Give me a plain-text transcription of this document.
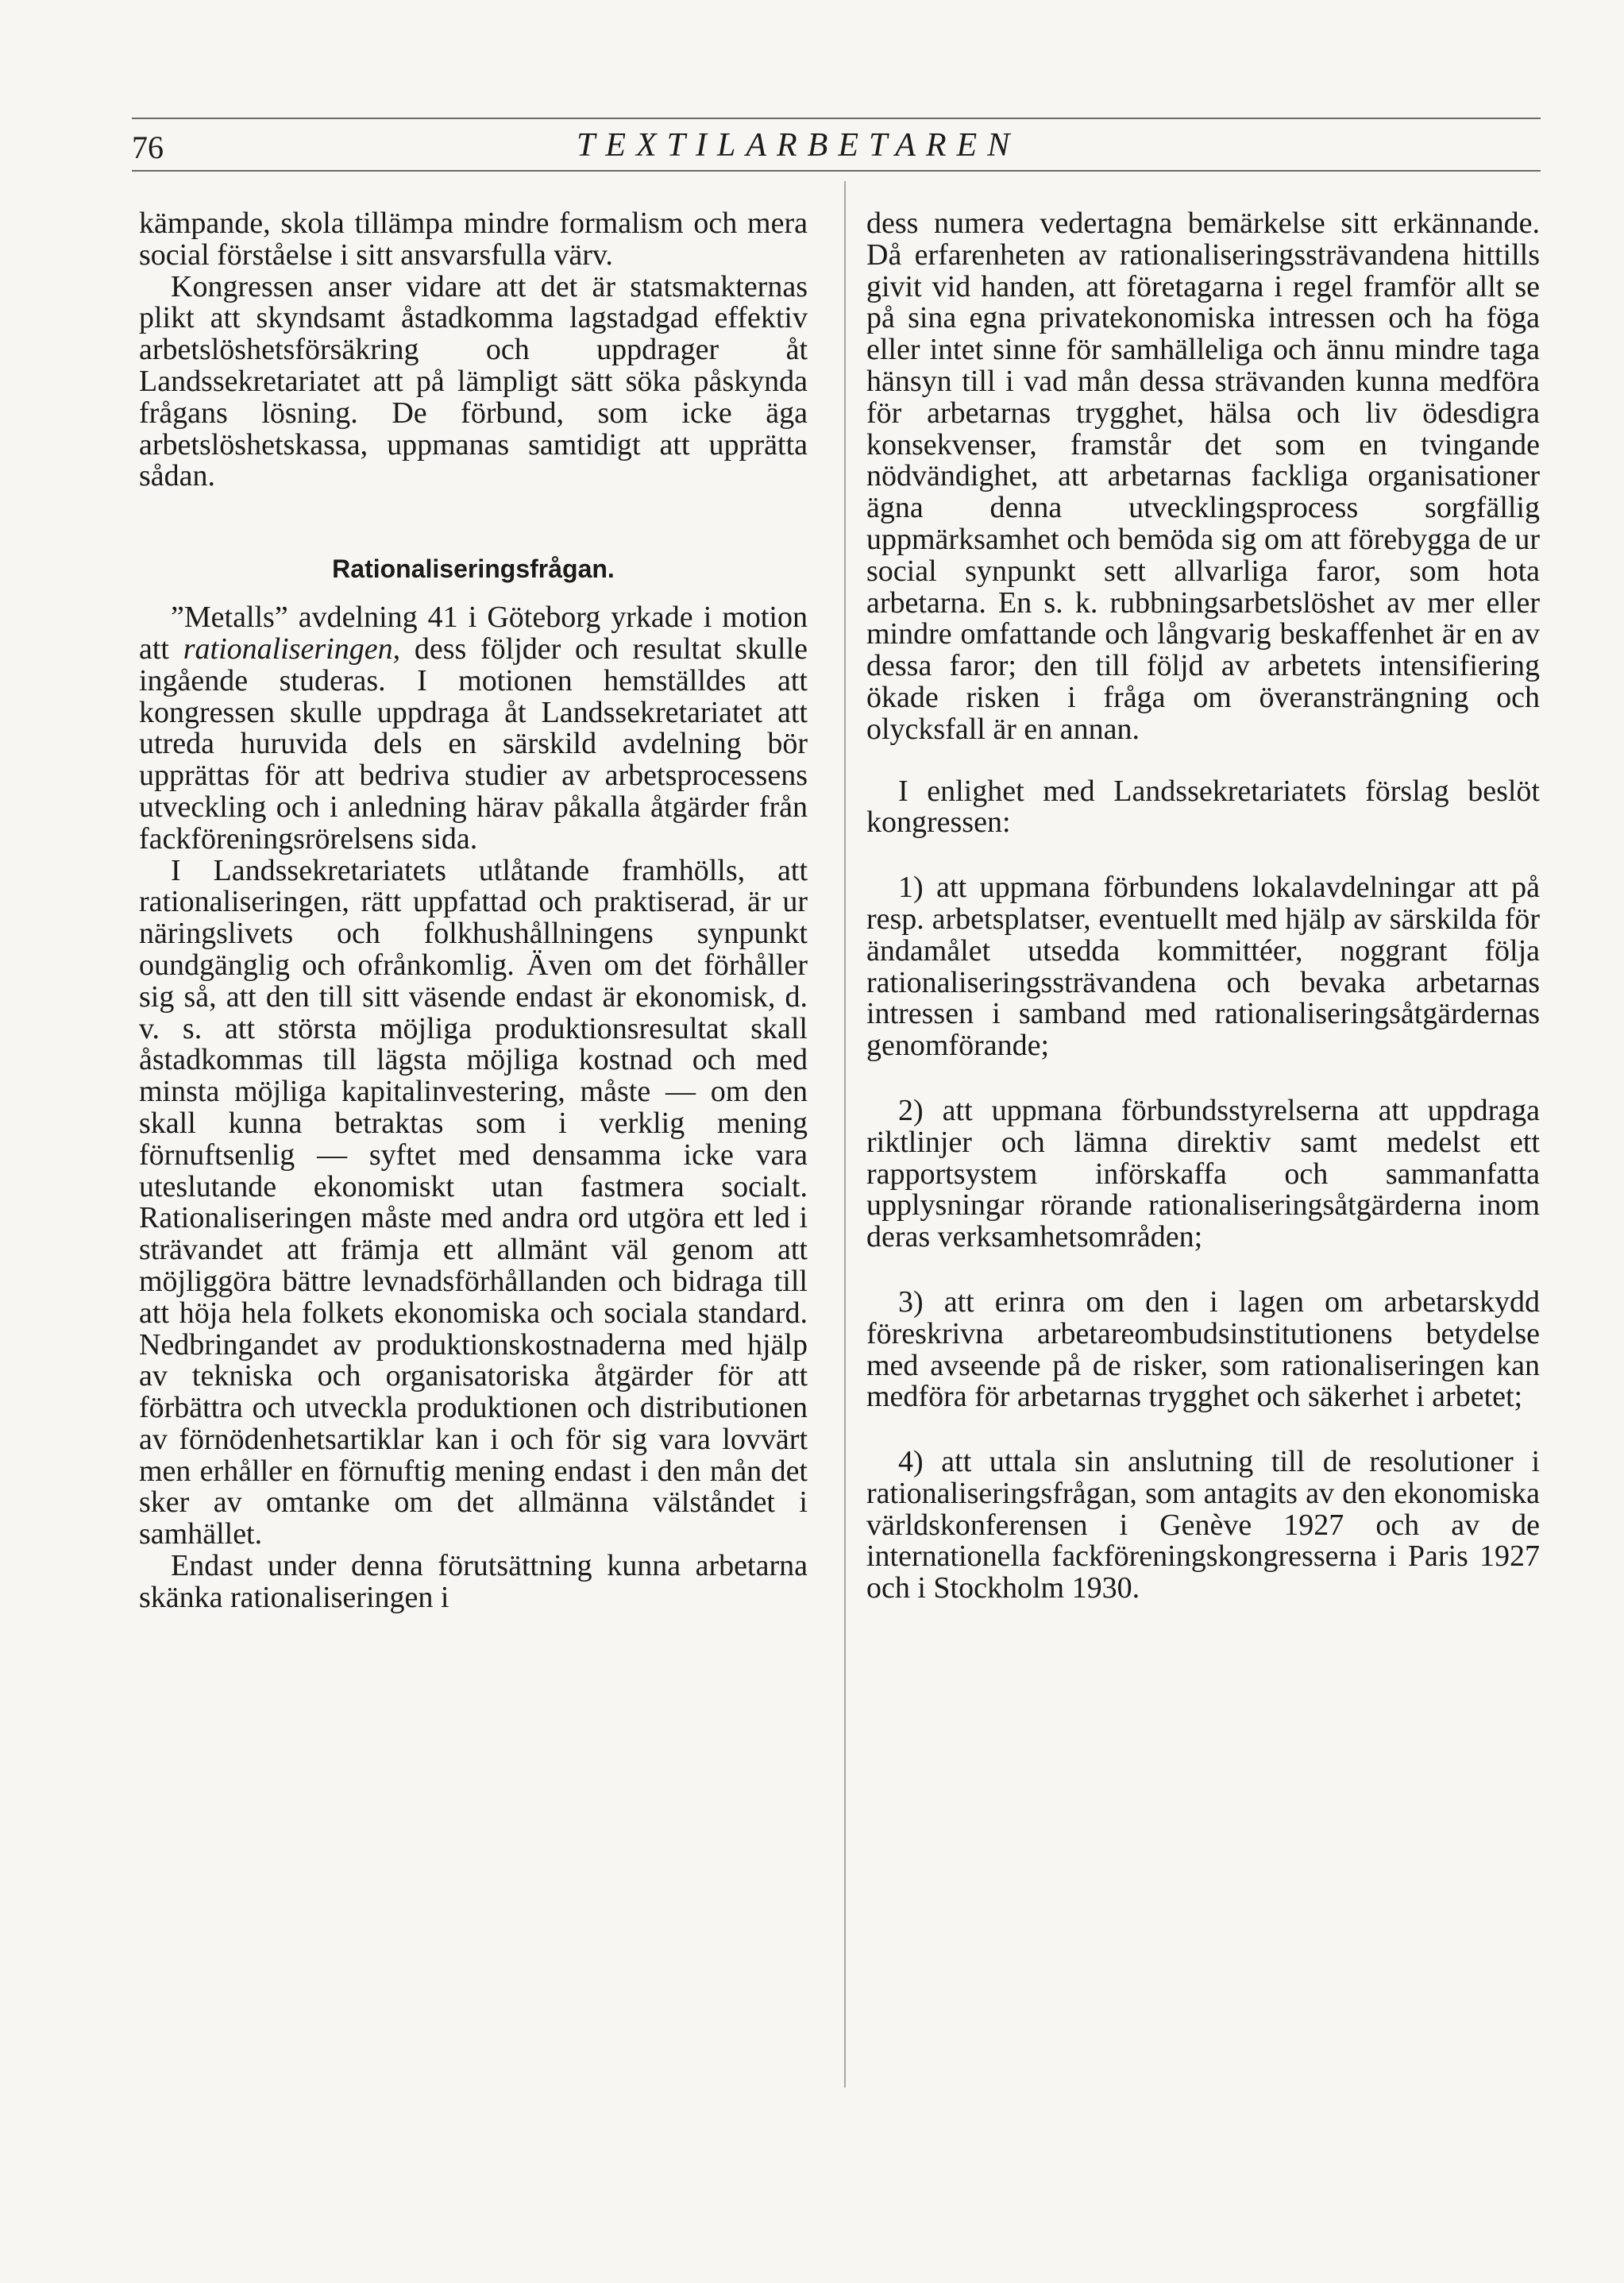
76	TEXTILARBETAREN

kämpande, skola tillämpa mindre formalism och mera social förståelse i sitt ansvarsfulla värv.

Kongressen anser vidare att det är statsmakternas plikt att skyndsamt åstadkomma lagstadgad effektiv arbetslöshetsförsäkring och uppdrager åt Landssekretariatet att på lämpligt sätt söka påskynda frågans lösning. De förbund, som icke äga arbetslöshetskassa, uppmanas samtidigt att upprätta sådan.

Rationaliseringsfrågan.

”Metalls” avdelning 41 i Göteborg yrkade i motion att rationaliseringen, dess följder och resultat skulle ingående studeras. I motionen hemställdes att kongressen skulle uppdraga åt Landssekretariatet att utreda huruvida dels en särskild avdelning bör upprättas för att bedriva studier av arbetsprocessens utveckling och i anledning härav påkalla åtgärder från fackföreningsrörelsens sida.

I Landssekretariatets utlåtande framhölls, att rationaliseringen, rätt uppfattad och praktiserad, är ur näringslivets och folkhushållningens synpunkt oundgänglig och ofrånkomlig. Även om det förhåller sig så, att den till sitt väsende endast är ekonomisk, d. v. s. att största möjliga produktionsresultat skall åstadkommas till lägsta möjliga kostnad och med minsta möjliga kapitalinvestering, måste — om den skall kunna betraktas som i verklig mening förnuftsenlig — syftet med densamma icke vara uteslutande ekonomiskt utan fastmera socialt. Rationaliseringen måste med andra ord utgöra ett led i strävandet att främja ett allmänt väl genom att möjliggöra bättre levnadsförhållanden och bidraga till att höja hela folkets ekonomiska och sociala standard. Nedbringandet av produktionskostnaderna med hjälp av tekniska och organisatoriska åtgärder för att förbättra och utveckla produktionen och distributionen av förnödenhetsartiklar kan i och för sig vara lovvärt men erhåller en förnuftig mening endast i den mån det sker av omtanke om det allmänna välståndet i samhället.

Endast under denna förutsättning kunna arbetarna skänka rationaliseringen i

dess numera vedertagna bemärkelse sitt erkännande. Då erfarenheten av rationaliseringssträvandena hittills givit vid handen, att företagarna i regel framför allt se på sina egna privatekonomiska intressen och ha föga eller intet sinne för samhälleliga och ännu mindre taga hänsyn till i vad mån dessa strävanden kunna medföra för arbetarnas trygghet, hälsa och liv ödesdigra konsekvenser, framstår det som en tvingande nödvändighet, att arbetarnas fackliga organisationer ägna denna utvecklingsprocess sorgfällig uppmärksamhet och bemöda sig om att förebygga de ur social synpunkt sett allvarliga faror, som hota arbetarna. En s. k. rubbningsarbetslöshet av mer eller mindre omfattande och långvarig beskaffenhet är en av dessa faror; den till följd av arbetets intensifiering ökade risken i fråga om överansträngning och olycksfall är en annan.

I enlighet med Landssekretariatets förslag beslöt kongressen:

1) att uppmana förbundens lokalavdelningar att på resp. arbetsplatser, eventuellt med hjälp av särskilda för ändamålet utsedda kommittéer, noggrant följa rationaliseringssträvandena och bevaka arbetarnas intressen i samband med rationaliseringsåtgärdernas genomförande;

2) att uppmana förbundsstyrelserna att uppdraga riktlinjer och lämna direktiv samt medelst ett rapportsystem införskaffa och sammanfatta upplysningar rörande rationaliseringsåtgärderna inom deras verksamhetsområden;

3) att erinra om den i lagen om arbetarskydd föreskrivna arbetareombudsinstitutionens betydelse med avseende på de risker, som rationaliseringen kan medföra för arbetarnas trygghet och säkerhet i arbetet;

4) att uttala sin anslutning till de resolutioner i rationaliseringsfrågan, som antagits av den ekonomiska världskonferensen i Genève 1927 och av de internationella fackföreningskongresserna i Paris 1927 och i Stockholm 1930.
